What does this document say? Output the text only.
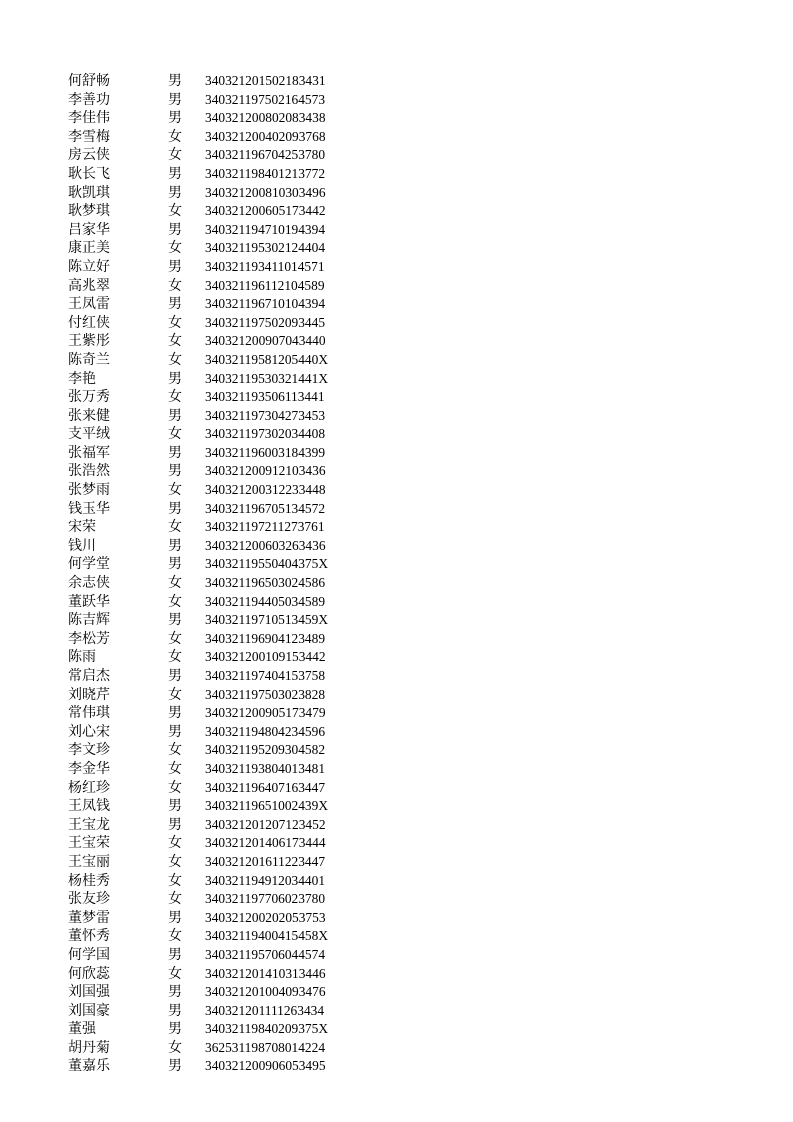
何舒畅	男 340321201502183431
李善功	男 340321197502164573
李佳伟	男 340321200802083438
李雪梅	女 340321200402093768
房云侠	女 340321196704253780
耿长飞	男 340321198401213772
耿凯琪	男 340321200810303496
耿梦琪	女 340321200605173442
吕家华	男 340321194710194394
康正美	女 340321195302124404
陈立好	男 340321193411014571
高兆翠	女 340321196112104589
王凤雷	男 340321196710104394
付红侠	女 340321197502093445
王紫彤	女 340321200907043440
陈奇兰	女 34032119581205440X
李艳	男 34032119530321441X
张万秀	女 340321193506113441
张来健	男 340321197304273453
支平绒	女 340321197302034408
张福军	男 340321196003184399
张浩然	男 340321200912103436
张梦雨	女 340321200312233448
钱玉华	男 340321196705134572
宋荣	女 340321197211273761
钱川	男 340321200603263436
何学堂	男 34032119550404375X
余志侠	女 340321196503024586
董跃华	女 340321194405034589
陈吉辉	男 34032119710513459X
李松芳	女 340321196904123489
陈雨	女 340321200109153442
常启杰	男 340321197404153758
刘晓芹	女 340321197503023828
常伟琪	男 340321200905173479
刘心宋	男 340321194804234596
李文珍	女 340321195209304582
李金华	女 340321193804013481
杨红珍	女 340321196407163447
王凤钱	男 34032119651002439X
王宝龙	男 340321201207123452
王宝荣	女 340321201406173444
王宝丽	女 340321201611223447
杨桂秀	女 340321194912034401
张友珍	女 340321197706023780
董梦雷	男 340321200202053753
董怀秀	女 34032119400415458X
何学国	男 340321195706044574
何欣蕊	女 340321201410313446
刘国强	男 340321201004093476
刘国豪	男 340321201111263434
董强	男 34032119840209375X
胡丹菊	女 362531198708014224
董嘉乐	男 340321200906053495
